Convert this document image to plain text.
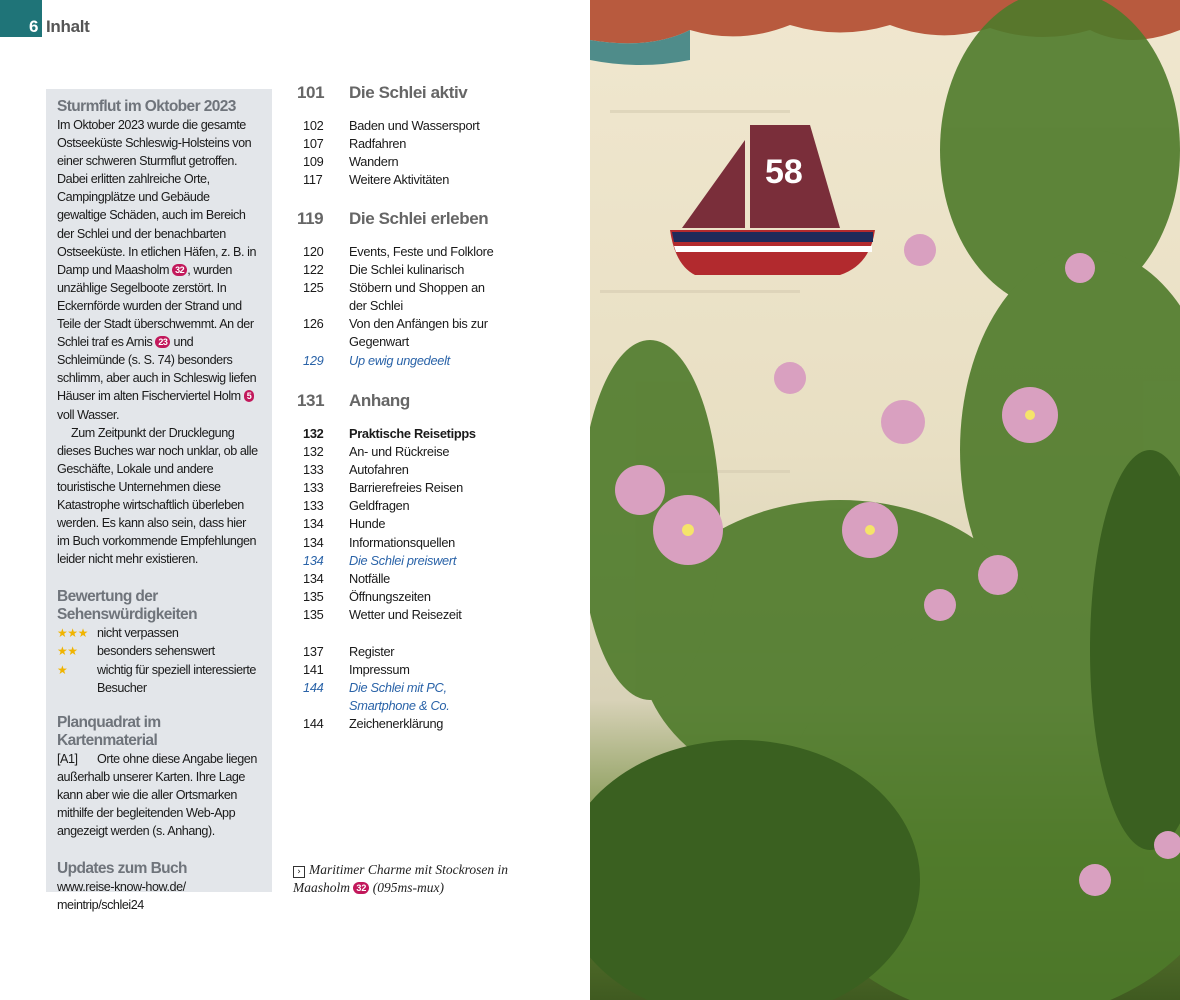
6 Inhalt
Sturmflut im Oktober 2023

Im Oktober 2023 wurde die gesamte Ostseeküste Schleswig-Holsteins von einer schweren Sturmflut getroffen. Dabei erlitten zahlreiche Orte, Campingplätze und Gebäude gewaltige Schäden, auch im Bereich der Schlei und der benachbarten Ostseeküste. In etlichen Häfen, z. B. in Damp und Maasholm 32 , wurden unzählige Segelboote zerstört. In Eckernförde wurden der Strand und Teile der Stadt überschwemmt. An der Schlei traf es Arnis 23 und Schleimünde (s. S. 74) besonders schlimm, aber auch in Schleswig liefen Häuser im alten Fischerviertel Holm 5 voll Wasser.

Zum Zeitpunkt der Drucklegung dieses Buches war noch unklar, ob alle Geschäfte, Lokale und andere touristische Unternehmen diese Katastrophe wirtschaftlich überleben werden. Es kann also sein, dass hier im Buch vorkommende Empfehlungen leider nicht mehr existieren.

Bewertung der Sehenswürdigkeiten
★★★ nicht verpassen
★★	besonders sehenswert
★	wichtig für speziell interessierte Besucher
Planquadrat im Kartenmaterial

[A1] Orte ohne diese Angabe liegen außerhalb unserer Karten. Ihre Lage kann aber wie die aller Ortsmarken mithilfe der begleitenden Web-App angezeigt werden (s. Anhang).

Updates zum Buch

www.reise-know-how.de/ meintrip/schlei24

101 Die Schlei aktiv
102	Baden und Wassersport
107	Radfahren
109	Wandern
117	Weitere Aktivitäten
119 Die Schlei erleben
120	Events, Feste und Folklore
122	Die Schlei kulinarisch
125	Stöbern und Shoppen an der Schlei
126	Von den Anfängen bis zur Gegenwart
129	Up ewig ungedeelt
131 Anhang
132	Praktische Reisetipps
132	An- und Rückreise
133	Autofahren
133	Barrierefreies Reisen
133	Geldfragen
134	Hunde
134	Informationsquellen
134	Die Schlei preiswert
134	Notfälle
135	Öffnungszeiten
135	Wetter und Reisezeit
137	Register
141	Impressum
144	Die Schlei mit PC, Smartphone & Co.
144	Zeichenerklärung
› Maritimer Charme mit Stockrosen in Maasholm 32 (095ms-mux)
58
